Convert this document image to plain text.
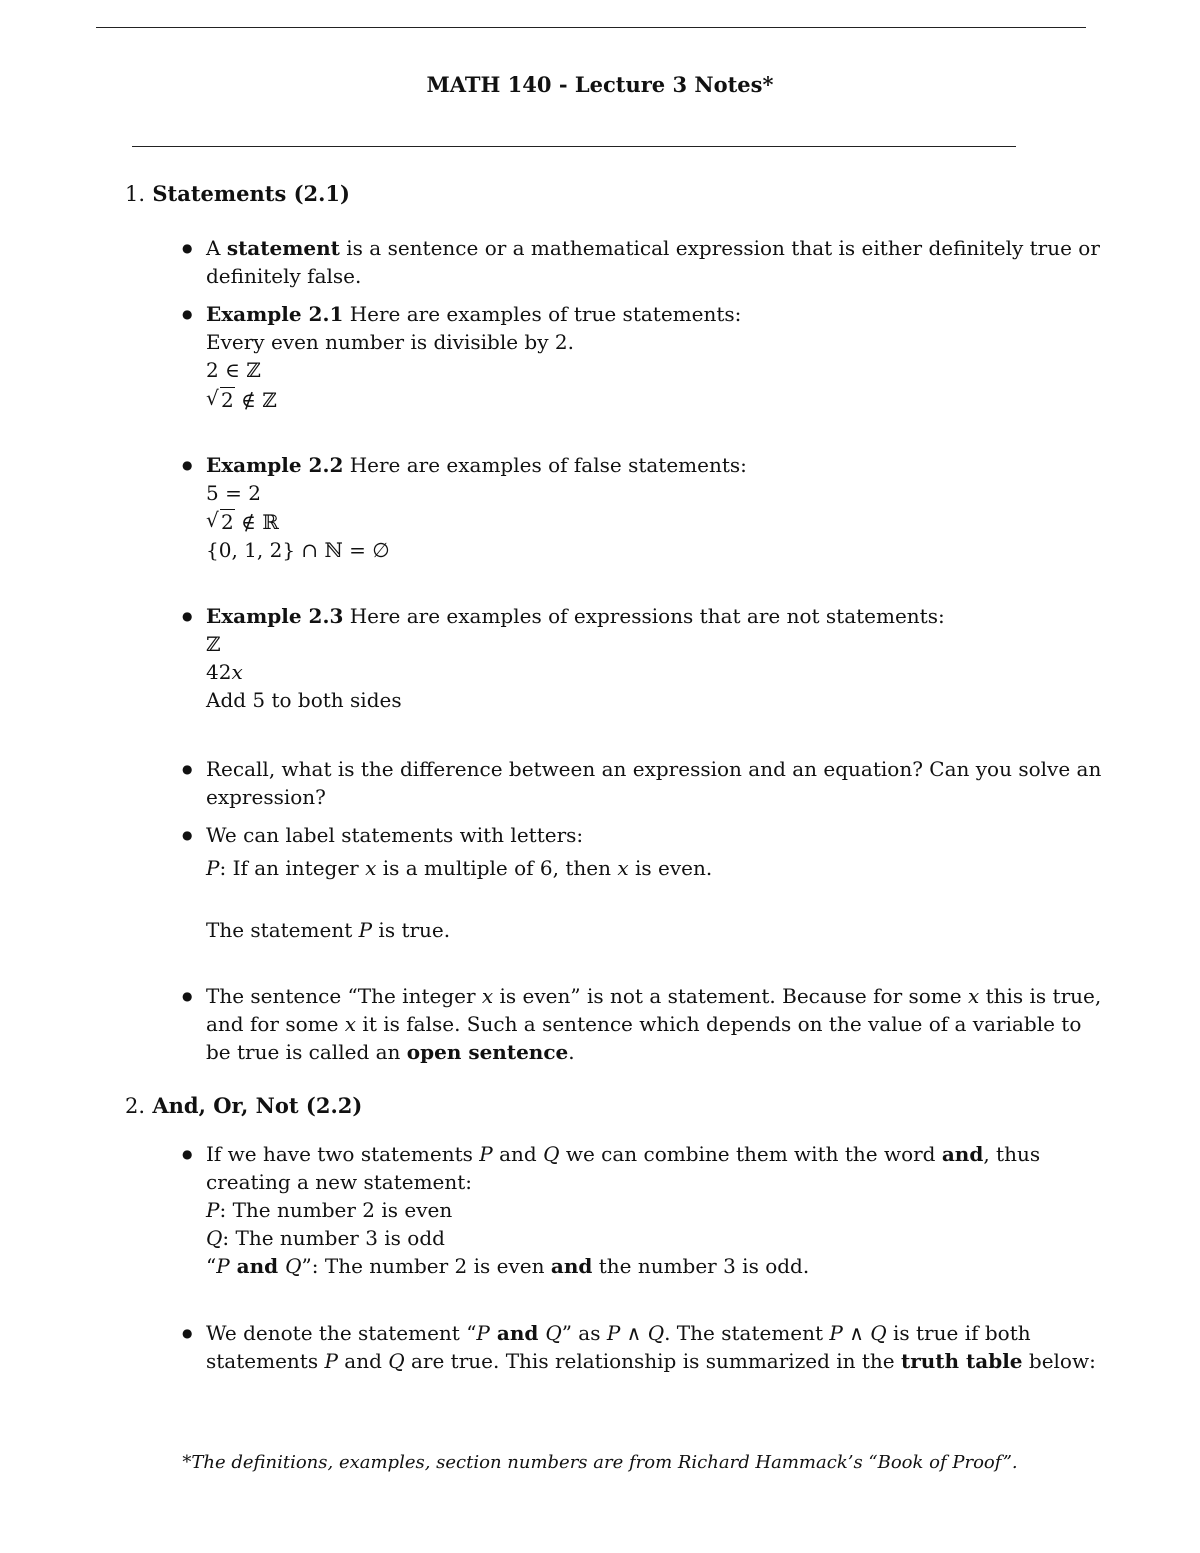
MATH 140 - Lecture 3 Notes*
1. Statements (2.1)
● A statement is a sentence or a mathematical expression that is either definitely true or
definitely false.
● Example 2.1 Here are examples of true statements:
Every even number is divisible by 2.
2 ∈ ℤ
√ 2 ∉ ℤ
● Example 2.2 Here are examples of false statements:
5 = 2
√ 2 ∉ ℝ
{0, 1, 2} ∩ ℕ = ∅
● Example 2.3 Here are examples of expressions that are not statements:
ℤ
42x
Add 5 to both sides
● Recall, what is the difference between an expression and an equation? Can you solve an
expression?
● We can label statements with letters:
P: If an integer x is a multiple of 6, then x is even.
The statement P is true.
● The sentence “The integer x is even” is not a statement. Because for some x this is true,
and for some x it is false. Such a sentence which depends on the value of a variable to
be true is called an open sentence.
2. And, Or, Not (2.2)
● If we have two statements P and Q we can combine them with the word and, thus
creating a new statement:
P: The number 2 is even
Q: The number 3 is odd
“P and Q”: The number 2 is even and the number 3 is odd.
● We denote the statement “P and Q” as P ∧ Q. The statement P ∧ Q is true if both
statements P and Q are true. This relationship is summarized in the truth table below:
*The definitions, examples, section numbers are from Richard Hammack’s “Book of Proof”.
